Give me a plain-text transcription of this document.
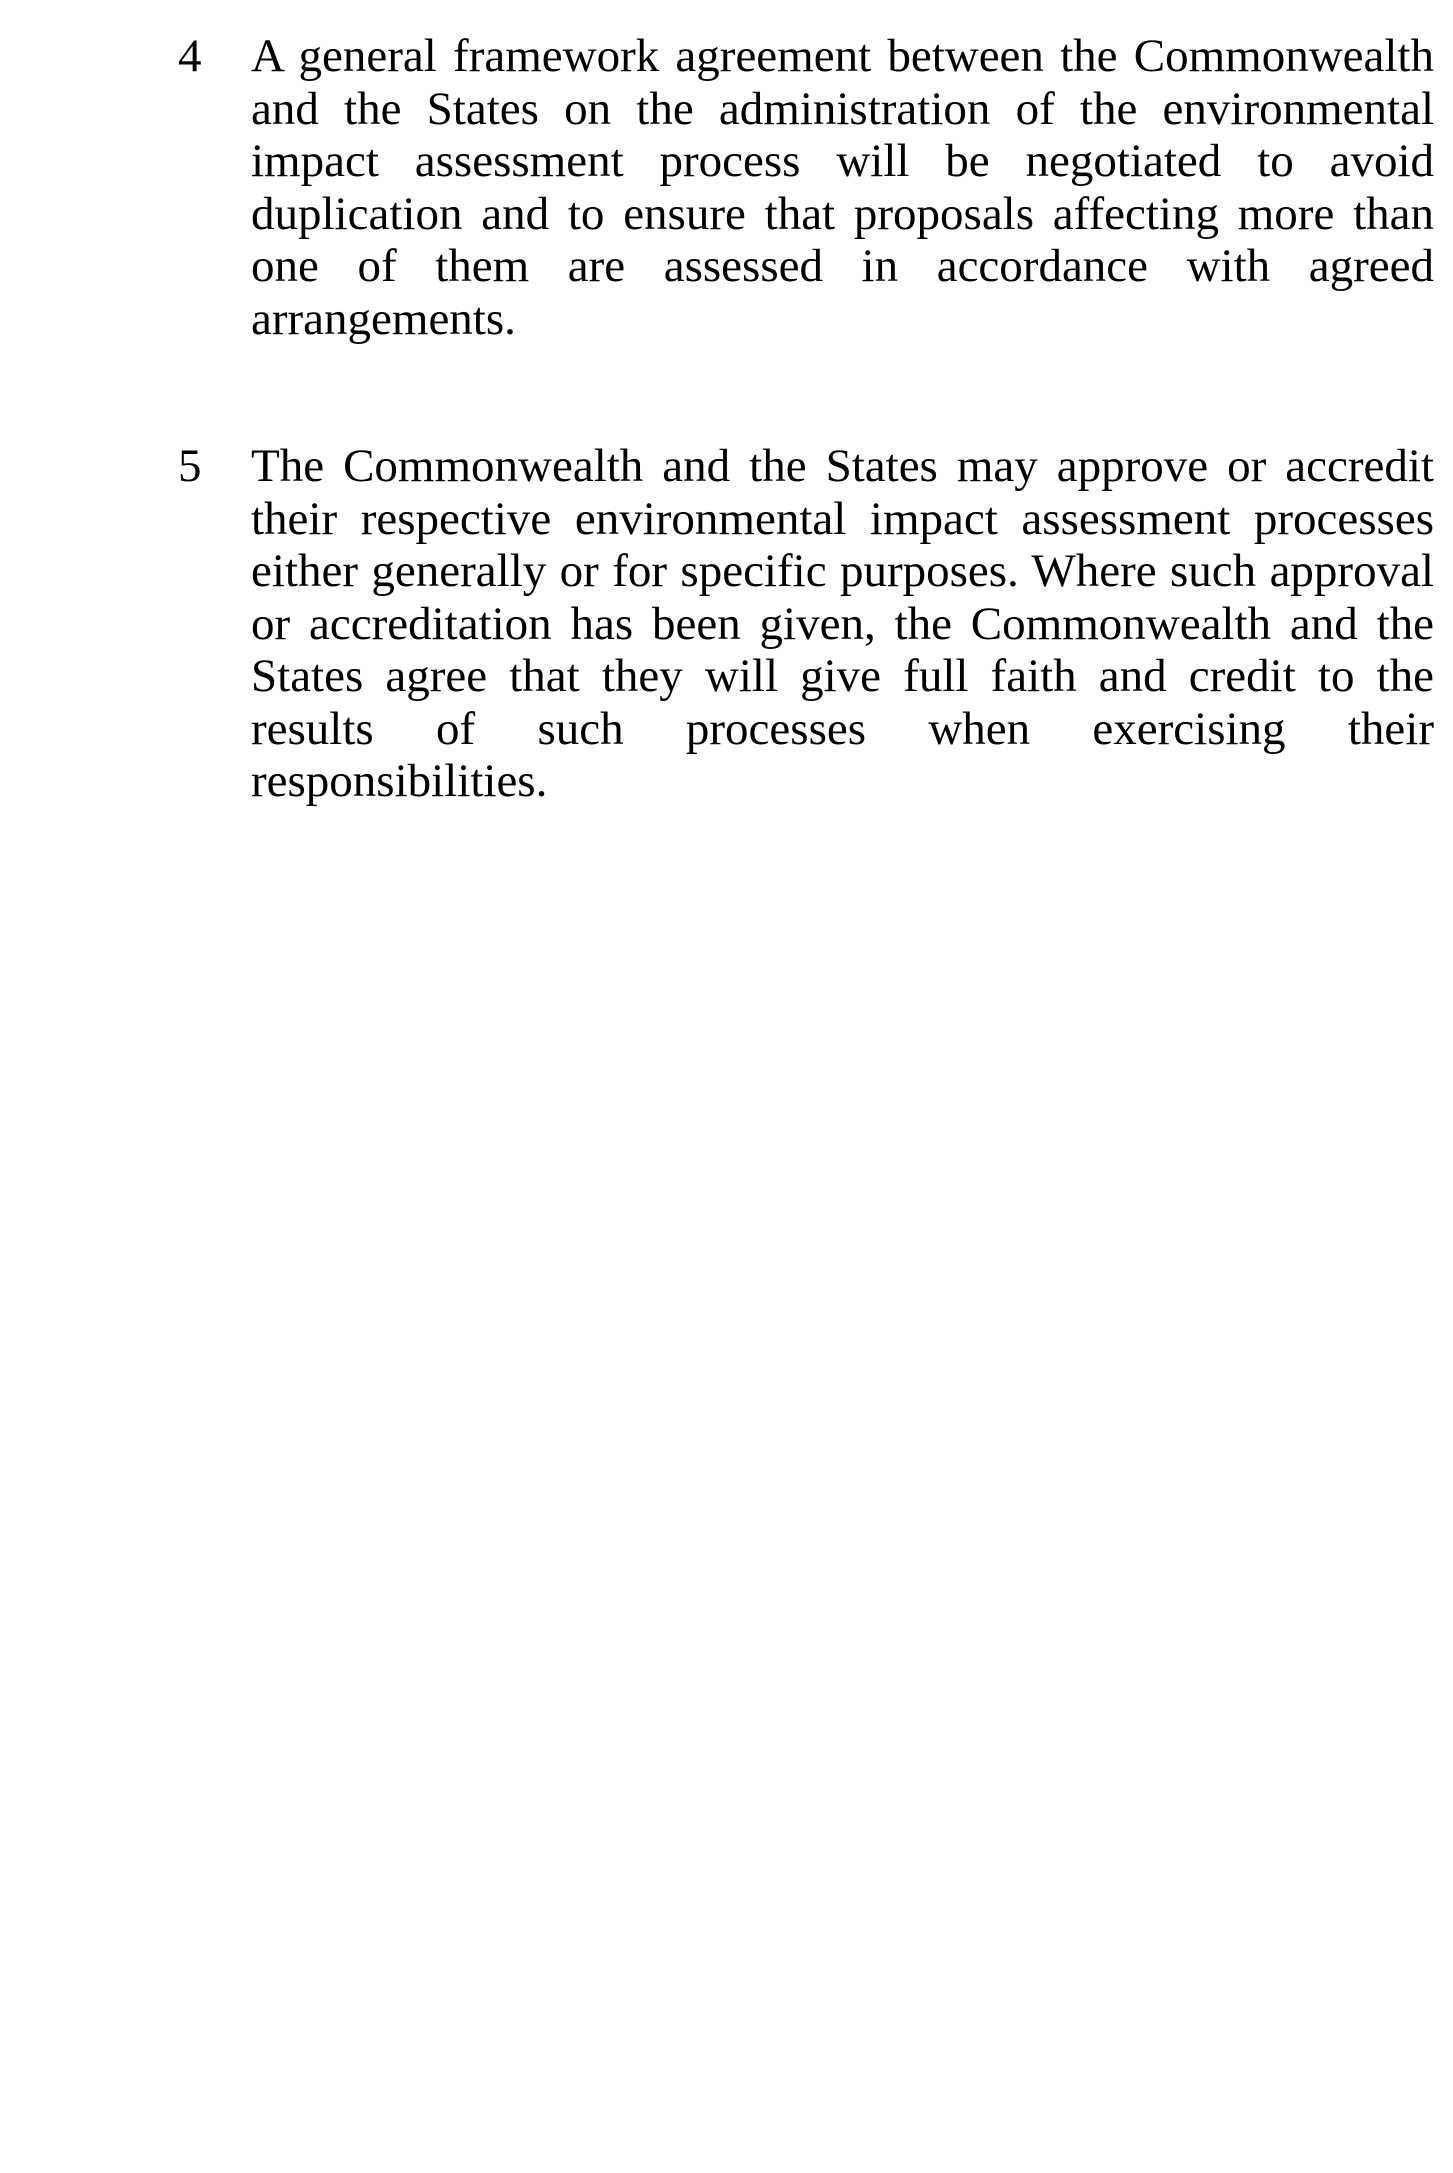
4 A general framework agreement between the Commonwealth
and the States on the administration of the environmental
impact assessment process will be negotiated to avoid
duplication and to ensure that proposals affecting more than
one of them are assessed in accordance with agreed
arrangements.
5 The Commonwealth and the States may approve or accredit
their respective environmental impact assessment processes
either generally or for specific purposes. Where such approval
or accreditation has been given, the Commonwealth and the
States agree that they will give full faith and credit to the
results of such processes when exercising their
responsibilities.
